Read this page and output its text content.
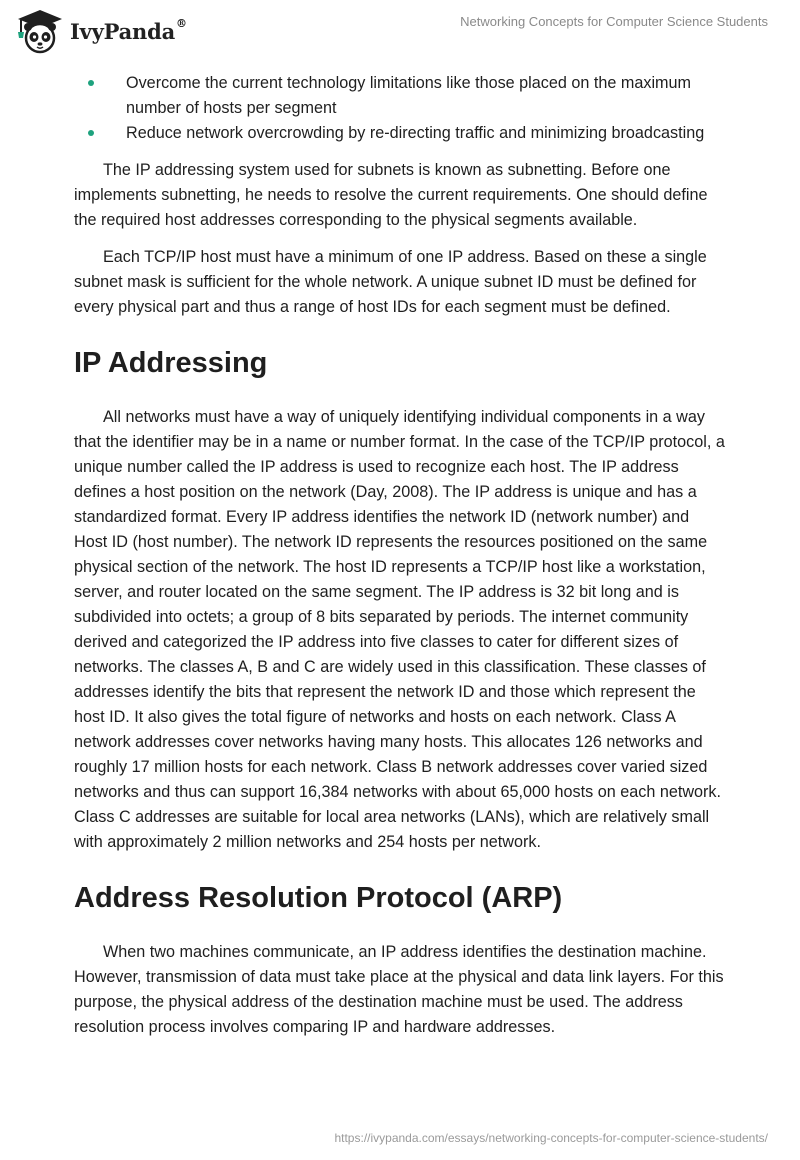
IvyPanda®	Networking Concepts for Computer Science Students
Overcome the current technology limitations like those placed on the maximum number of hosts per segment
Reduce network overcrowding by re-directing traffic and minimizing broadcasting

The IP addressing system used for subnets is known as subnetting. Before one implements subnetting, he needs to resolve the current requirements. One should define the required host addresses corresponding to the physical segments available.

Each TCP/IP host must have a minimum of one IP address. Based on these a single subnet mask is sufficient for the whole network. A unique subnet ID must be defined for every physical part and thus a range of host IDs for each segment must be defined.

IP Addressing

All networks must have a way of uniquely identifying individual components in a way that the identifier may be in a name or number format. In the case of the TCP/IP protocol, a unique number called the IP address is used to recognize each host. The IP address defines a host position on the network (Day, 2008). The IP address is unique and has a standardized format. Every IP address identifies the network ID (network number) and Host ID (host number). The network ID represents the resources positioned on the same physical section of the network. The host ID represents a TCP/IP host like a workstation, server, and router located on the same segment. The IP address is 32 bit long and is subdivided into octets; a group of 8 bits separated by periods. The internet community derived and categorized the IP address into five classes to cater for different sizes of networks. The classes A, B and C are widely used in this classification. These classes of addresses identify the bits that represent the network ID and those which represent the host ID. It also gives the total figure of networks and hosts on each network. Class A network addresses cover networks having many hosts. This allocates 126 networks and roughly 17 million hosts for each network. Class B network addresses cover varied sized networks and thus can support 16,384 networks with about 65,000 hosts on each network. Class C addresses are suitable for local area networks (LANs), which are relatively small with approximately 2 million networks and 254 hosts per network.

Address Resolution Protocol (ARP)

When two machines communicate, an IP address identifies the destination machine. However, transmission of data must take place at the physical and data link layers. For this purpose, the physical address of the destination machine must be used. The address resolution process involves comparing IP and hardware addresses.

https://ivypanda.com/essays/networking-concepts-for-computer-science-students/
